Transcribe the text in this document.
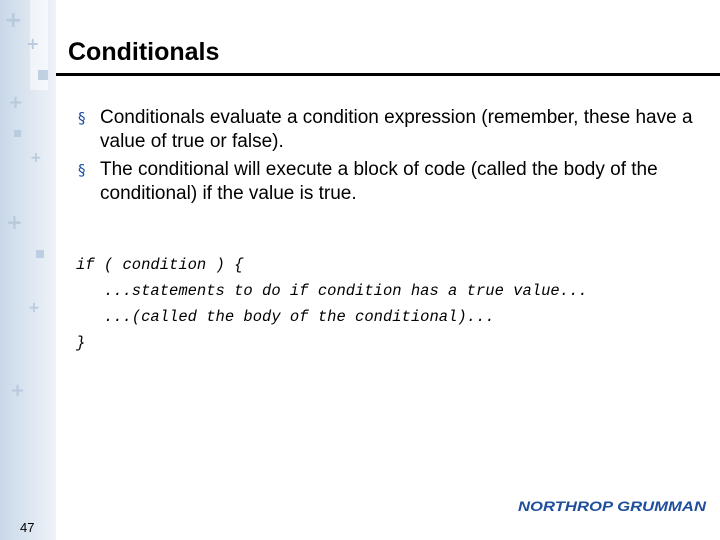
+
+
+
+
+
+
+
Conditionals
§ Conditionals evaluate a condition expression (remember, these have a value of true or false).
§ The conditional will execute a block of code (called the body of the conditional) if the value is true.
if ( condition ) {
...statements to do if condition has a true value...
...(called the body of the conditional)...
}
47
NORTHROP GRUMMAN
